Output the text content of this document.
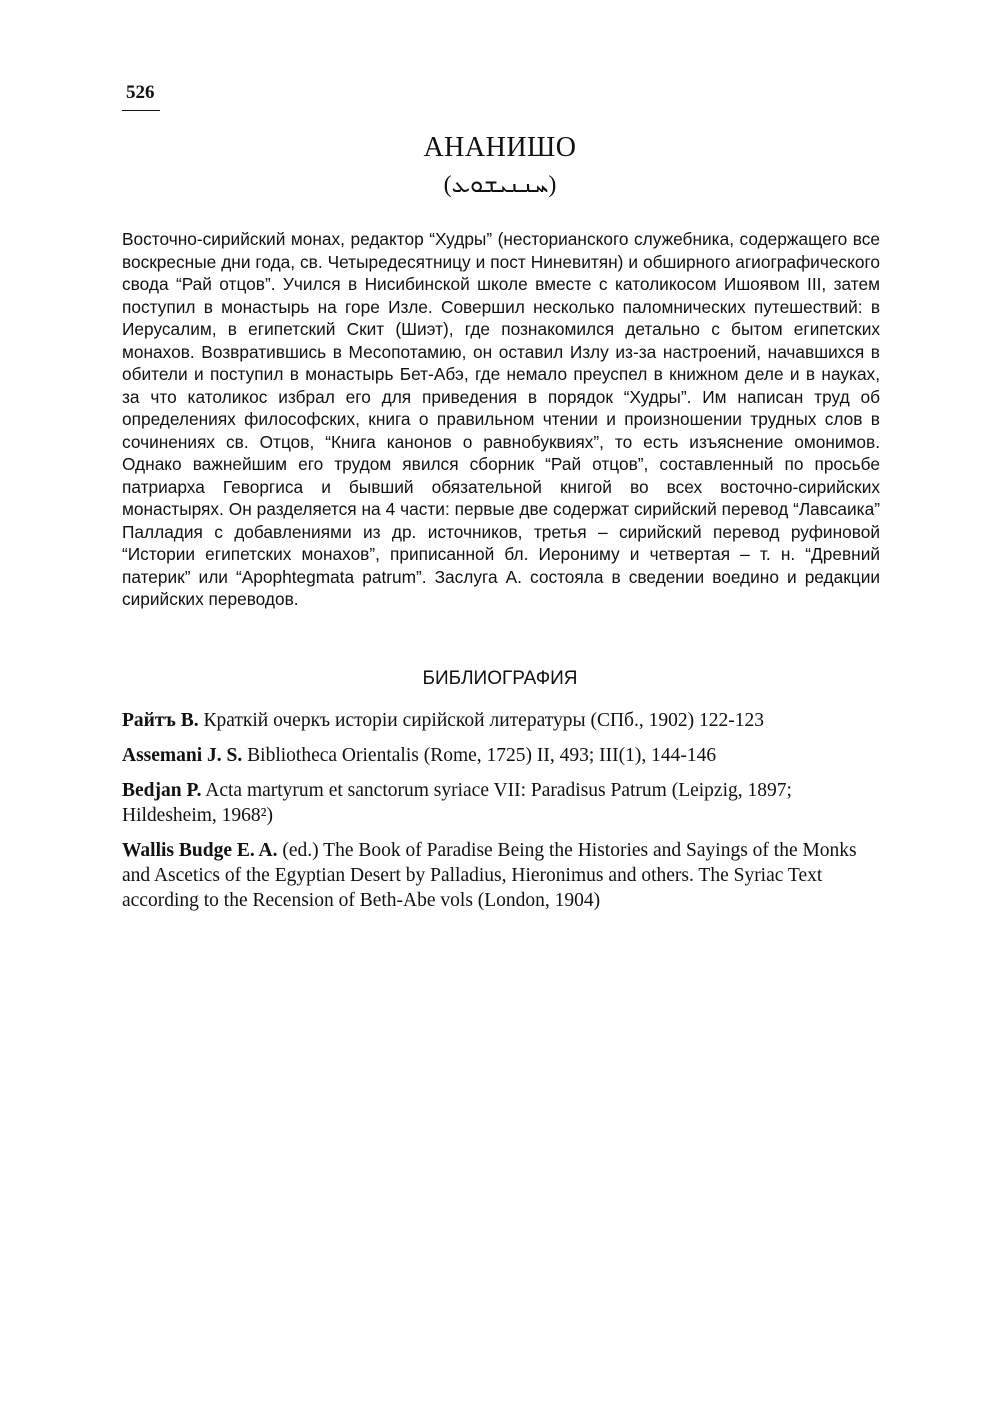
526
АНАНИШО
(ܚܢܢܝܫܘܥ)

Восточно-сирийский монах, редактор “Худры” (несторианского служебника, содержащего все воскресные дни года, св. Четыредесятницу и пост Ниневитян) и обширного агиографического свода “Рай отцов”. Учился в Нисибинской школе вместе с католикосом Ишоявом III, затем поступил в монастырь на горе Изле. Совершил несколько паломнических путешествий: в Иерусалим, в египетский Скит (Шиэт), где познакомился детально с бытом египетских монахов. Возвратившись в Месопотамию, он оставил Излу из-за настроений, начавшихся в обители и поступил в монастырь Бет-Абэ, где немало преуспел в книжном деле и в науках, за что католикос избрал его для приведения в порядок “Худры”. Им написан труд об определениях философских, книга о правильном чтении и произношении трудных слов в сочинениях св. Отцов, “Книга канонов о равнобуквиях”, то есть изъяснение омонимов. Однако важнейшим его трудом явился сборник “Рай отцов”, составленный по просьбе патриарха Геворгиса и бывший обязательной книгой во всех восточно-сирийских монастырях. Он разделяется на 4 части: первые две содержат сирийский перевод “Лавсаика” Палладия с добавлениями из др. источников, третья – сирийский перевод руфиновой “Истории египетских монахов”, приписанной бл. Иерониму и четвертая – т. н. “Древний патерик” или “Apophtegmata patrum”. Заслуга А. состояла в сведении воедино и редакции сирийских переводов.

БИБЛИОГРАФИЯ

Райтъ В. Краткій очеркъ исторіи сирійской литературы (СПб., 1902) 122-123

Assemani J. S. Bibliotheca Orientalis (Rome, 1725) II, 493; III(1), 144-146

Bedjan P. Acta martyrum et sanctorum syriace VII: Paradisus Patrum (Leipzig, 1897; Hildesheim, 1968²)

Wallis Budge E. A. (ed.) The Book of Paradise Being the Histories and Sayings of the Monks and Ascetics of the Egyptian Desert by Palladius, Hieronimus and others. The Syriac Text according to the Recension of Beth-Abe vols (London, 1904)
